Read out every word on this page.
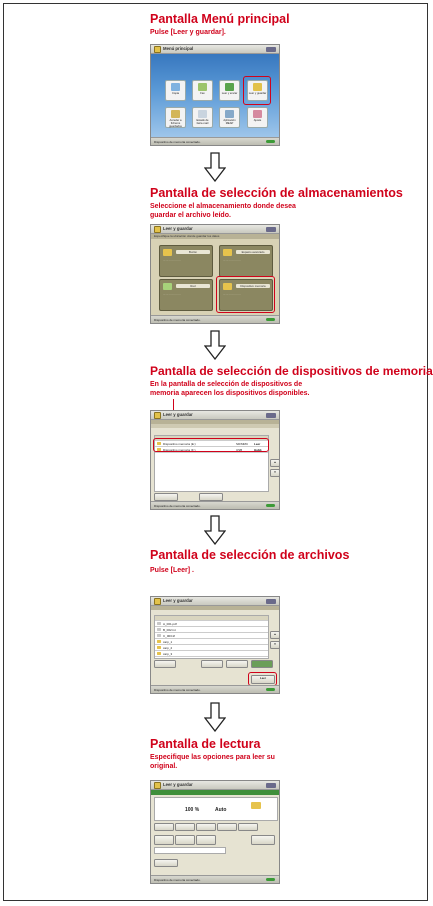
Pantalla Menú principal
Pulse [Leer y guardar].
Menú principal
Copia	Fax	Leer y enviar	Leer y guardar
Acceder a ficheros guardados
Estado de fax/e-mail
Aplicación MEAP
Ajuste
Dispositivo de memoria conectado.
Pantalla de selección de almacenamientos
Seleccione el almacenamiento donde desea guardar el archivo leído.
Leer y guardar
Especifique la ubicación donde guardar los datos
Buzón
··· ··· ··· ··· ··· ···
Espacio avanzado
··· ··· ··· ··· ··· ···
Red
··· ··· ··· ··· ··· ···
Dispositivo memoria
··· ··· ··· ··· ··· ···
Dispositivo de memoria conectado.
Pantalla de selección de dispositivos de memoria
En la pantalla de selección de dispositivos de memoria aparecen los dispositivos disponibles.
Leer y guardar
Dispositivo memoria (E:)	SD/MMC	Leer
Dispositivo memoria (F:)	USB	Habil.
▲
▼
Dispositivo de memoria conectado.
Pantalla de selección de archivos
Pulse [Leer] .
Leer y guardar
A_001.pdf
B_002.txt
C_003.tif
carp_1
carp_2
carp_3
▲
▼
Leer
Dispositivo de memoria conectado.
Pantalla de lectura
Especifique las opciones para leer su original.
Leer y guardar
100 %	Auto
Dispositivo de memoria conectado.
